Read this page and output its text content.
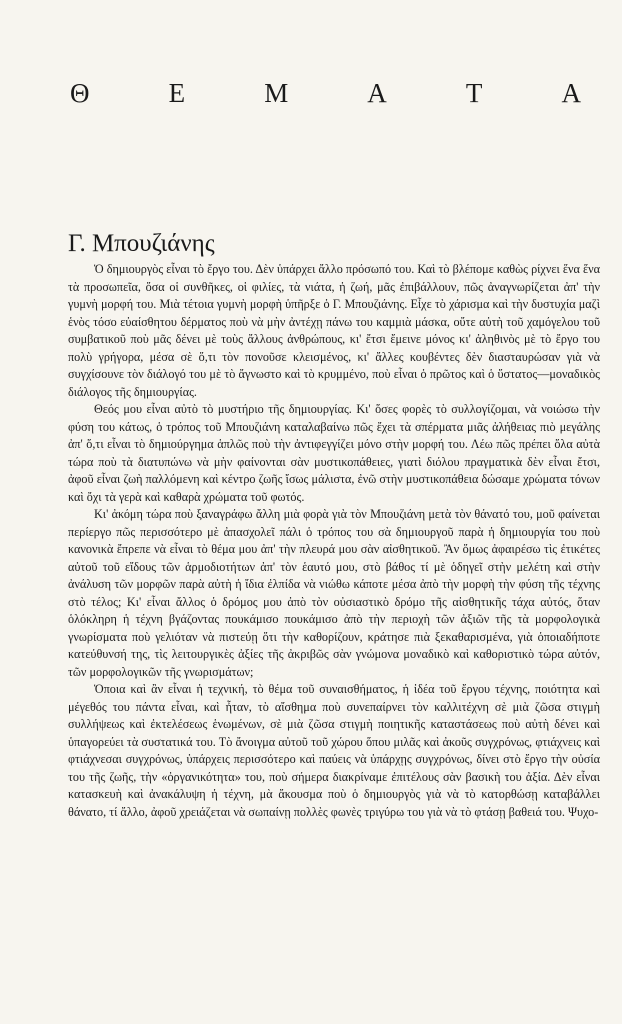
Θ	Ε	Μ	Α	Τ	Α
Γ. Μπουζιάνης

Ὁ δημιουργὸς εἶναι τὸ ἔργο του. Δὲν ὑπάρχει ἄλλο πρόσωπό του. Καὶ τὸ βλέπομε καθὼς ρίχνει ἕνα ἕνα τὰ προσωπεῖα, ὅσα οἱ συνθῆκες, οἱ φιλίες, τὰ νιάτα, ἡ ζωή, μᾶς ἐπιβάλλουν, πῶς ἀναγνωρίζεται ἀπ' τὴν γυμνὴ μορφή του. Μιὰ τέτοια γυμνὴ μορφὴ ὑπῆρξε ὁ Γ. Μπουζιάνης. Εἶχε τὸ χάρισμα καὶ τὴν δυστυχία μαζὶ ἑνὸς τόσο εὐαίσθητου δέρματος ποὺ νὰ μὴν ἀντέχῃ πάνω του καμμιὰ μάσκα, οὔτε αὐτὴ τοῦ χαμόγελου τοῦ συμβατικοῦ ποὺ μᾶς δένει μὲ τοὺς ἄλλους ἀνθρώπους, κι' ἔτσι ἔμεινε μόνος κι' ἀληθινὸς μὲ τὸ ἔργο του πολὺ γρήγορα, μέσα σὲ ὅ,τι τὸν πονοῦσε κλεισμένος, κι' ἄλλες κουβέντες δὲν διασταυρώσαν γιὰ νὰ συγχίσουνε τὸν διάλογό του μὲ τὸ ἄγνωστο καὶ τὸ κρυμμένο, ποὺ εἶναι ὁ πρῶτος καὶ ὁ ὕστατος—μοναδικὸς διάλογος τῆς δημιουργίας.

Θεός μου εἶναι αὐτὸ τὸ μυστήριο τῆς δημιουργίας. Κι' ὅσες φορὲς τὸ συλλογίζομαι, νὰ νοιώσω τὴν φύση του κάτως, ὁ τρόπος τοῦ Μπουζιάνη καταλαβαίνω πῶς ἔχει τὰ σπέρματα μιᾶς ἀλήθειας πιὸ μεγάλης ἀπ' ὅ,τι εἶναι τὸ δημιούργημα ἁπλῶς ποὺ τὴν ἀντιφεγγίζει μόνο στὴν μορφή του. Λέω πῶς πρέπει ὅλα αὐτὰ τώρα ποὺ τὰ διατυπώνω νὰ μὴν φαίνονται σὰν μυστικοπάθειες, γιατὶ διόλου πραγματικὰ δὲν εἶναι ἔτσι, ἀφοῦ εἶναι ζωὴ παλλόμενη καὶ κέντρο ζωῆς ἴσως μάλιστα, ἐνῶ στὴν μυστικοπάθεια δώσαμε χρώματα τόνων καὶ ὄχι τὰ γερὰ καὶ καθαρὰ χρώματα τοῦ φωτός.

Κι' ἀκόμη τώρα ποὺ ξαναγράφω ἄλλη μιὰ φορὰ γιὰ τὸν Μπουζιάνη μετὰ τὸν θάνατό του, μοῦ φαίνεται περίεργο πῶς περισσότερο μὲ ἀπασχολεῖ πάλι ὁ τρόπος του σὰ δημιουργοῦ παρὰ ἡ δημιουργία του ποὺ κανονικὰ ἔπρεπε νὰ εἶναι τὸ θέμα μου ἀπ' τὴν πλευρά μου σὰν αἰσθητικοῦ. Ἂν ὅμως ἀφαιρέσω τὶς ἐτικέτες αὐτοῦ τοῦ εἴδους τῶν ἁρμοδιοτήτων ἀπ' τὸν ἑαυτό μου, στὸ βάθος τί μὲ ὁδηγεῖ στὴν μελέτη καὶ στὴν ἀνάλυση τῶν μορφῶν παρὰ αὐτὴ ἡ ἴδια ἐλπίδα νὰ νιώθω κάποτε μέσα ἀπὸ τὴν μορφὴ τὴν φύση τῆς τέχνης στὸ τέλος; Κι' εἶναι ἄλλος ὁ δρόμος μου ἀπὸ τὸν οὐσιαστικὸ δρόμο τῆς αἰσθητικῆς τάχα αὐτός, ὅταν ὁλόκληρη ἡ τέχνη βγάζοντας πουκάμισο πουκάμισο ἀπὸ τὴν περιοχὴ τῶν ἀξιῶν τῆς τὰ μορφολογικὰ γνωρίσματα ποὺ γελιόταν νὰ πιστεύῃ ὅτι τὴν καθορίζουν, κράτησε πιὰ ξεκαθαρισμένα, γιὰ ὁποιαδήποτε κατεύθυνσή της, τὶς λειτουργικὲς ἀξίες τῆς ἀκριβῶς σὰν γνώμονα μοναδικὸ καὶ καθοριστικὸ τώρα αὐτόν, τῶν μορφολογικῶν τῆς γνωρισμάτων;

Ὁποια καὶ ἂν εἶναι ἡ τεχνική, τὸ θέμα τοῦ συναισθήματος, ἡ ἰδέα τοῦ ἔργου τέχνης, ποιότητα καὶ μέγεθός του πάντα εἶναι, καὶ ἦταν, τὸ αἴσθημα ποὺ συνεπαίρνει τὸν καλλιτέχνη σὲ μιὰ ζῶσα στιγμὴ συλλήψεως καὶ ἐκτελέσεως ἑνωμένων, σὲ μιὰ ζῶσα στιγμὴ ποιητικῆς καταστάσεως ποὺ αὐτὴ δένει καὶ ὑπαγορεύει τὰ συστατικά του. Τὸ ἄνοιγμα αὐτοῦ τοῦ χώρου ὅπου μιλᾶς καὶ ἀκοῦς συγχρόνως, φτιάχνεις καὶ φτιάχνεσαι συγχρόνως, ὑπάρχεις περισσότερο καὶ παύεις νὰ ὑπάρχῃς συγχρόνως, δίνει στὸ ἔργο τὴν οὐσία του τῆς ζωῆς, τὴν «ὀργανικότητα» του, ποὺ σήμερα διακρίναμε ἐπιτέλους σὰν βασικὴ του ἀξία. Δὲν εἶναι κατασκευὴ καὶ ἀνακάλυψη ἡ τέχνη, μὰ ἄκουσμα ποὺ ὁ δημιουργὸς γιὰ νὰ τὸ κατορθώσῃ καταβάλλει θάνατο, τί ἄλλο, ἀφοῦ χρειάζεται νὰ σωπαίνῃ πολλὲς φωνὲς τριγύρω του γιὰ νὰ τὸ φτάσῃ βαθειά του. Ψυχο-
